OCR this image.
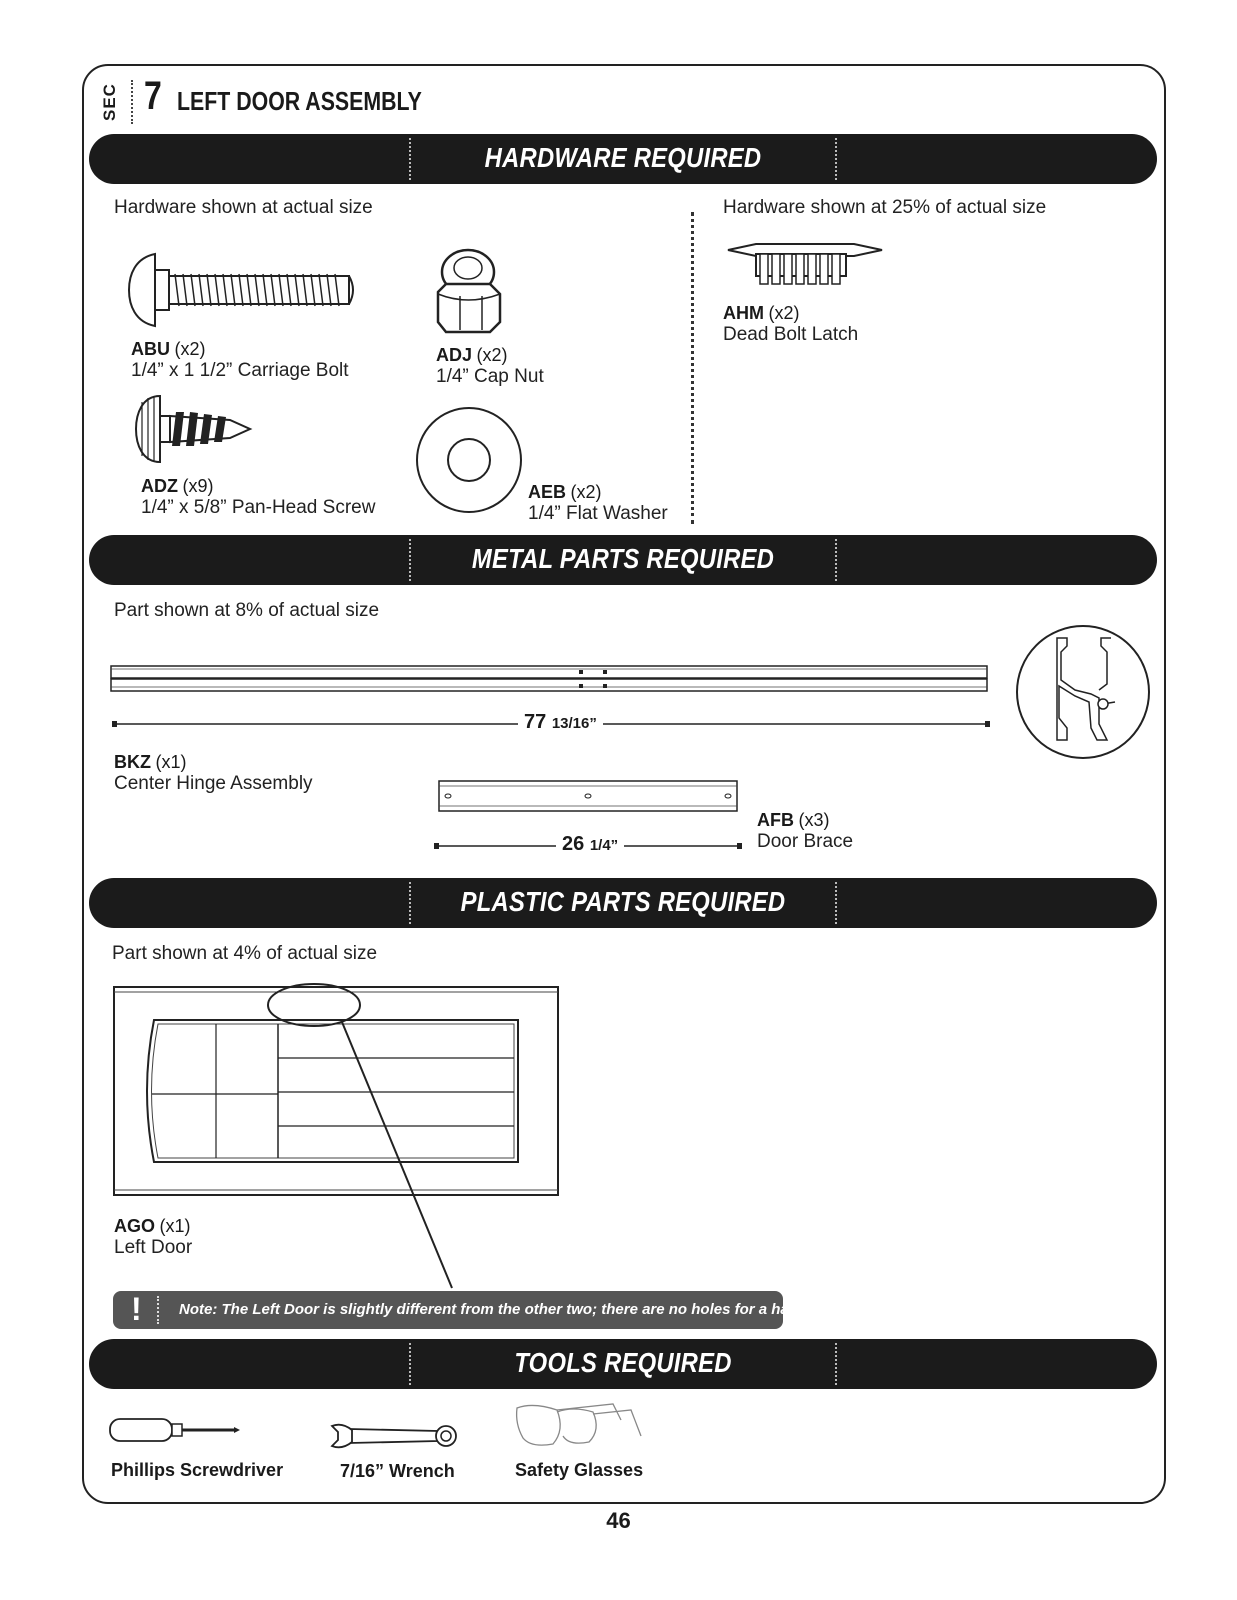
SEC 7 LEFT DOOR ASSEMBLY
HARDWARE REQUIRED
Hardware shown at actual size	Hardware shown at 25% of actual size
ABU (x2)
1/4” x 1 1/2” Carriage Bolt
ADJ (x2)
1/4” Cap Nut
ADZ (x9)
1/4” x 5/8” Pan-Head Screw
AEB (x2)
1/4” Flat Washer
AHM (x2)
Dead Bolt Latch
METAL PARTS REQUIRED
Part shown at 8% of actual size
77 13/16”
BKZ (x1)
Center Hinge Assembly
26 1/4”
AFB (x3)
Door Brace
PLASTIC PARTS REQUIRED
Part shown at 4% of actual size
AGO (x1)
Left Door
! Note: The Left Door is slightly different from the other two; there are no holes for a handle.
TOOLS REQUIRED
Phillips Screwdriver	7/16” Wrench	Safety Glasses
46
